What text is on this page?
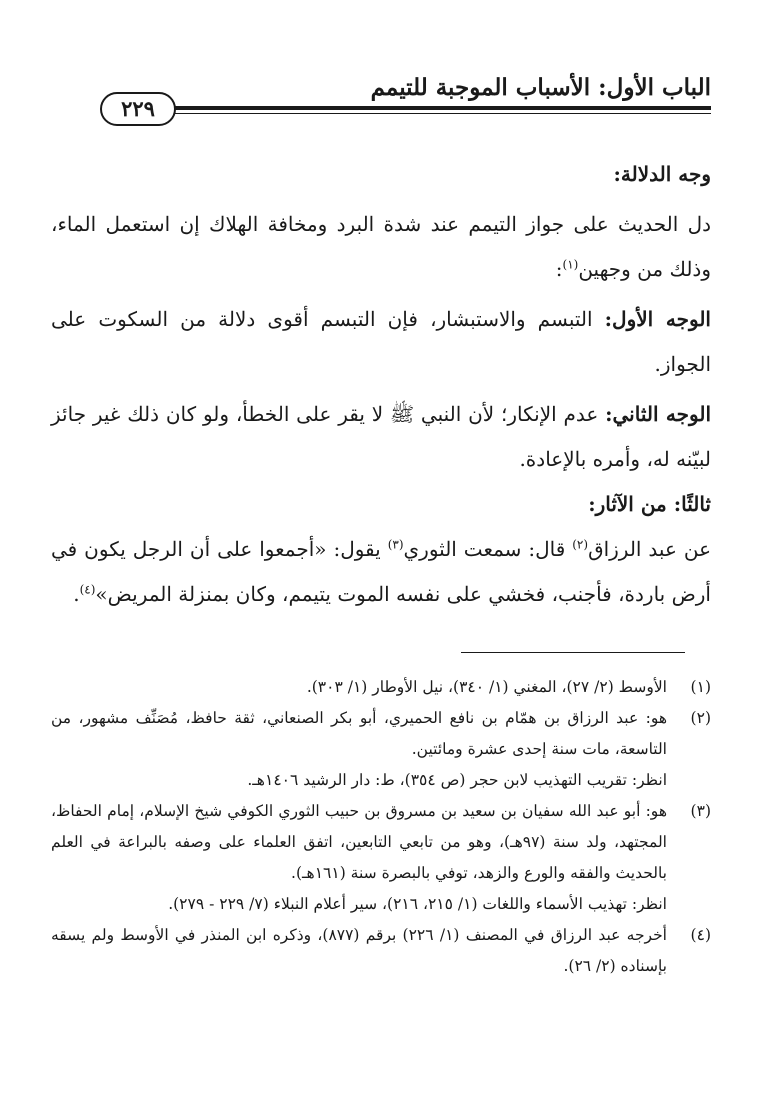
الباب الأول: الأسباب الموجبة للتيمم
٢٢٩

وجه الدلالة:

دل الحديث على جواز التيمم عند شدة البرد ومخافة الهلاك إن استعمل الماء، وذلك من وجهين$^{(١)}$:

الوجه الأول: التبسم والاستبشار، فإن التبسم أقوى دلالة من السكوت على الجواز.

الوجه الثاني: عدم الإنكار؛ لأن النبي ﷺ لا يقر على الخطأ، ولو كان ذلك غير جائز لبيّنه له، وأمره بالإعادة.

ثالثًا: من الآثار:

عن عبد الرزاق$^{(٢)}$ قال: سمعت الثوري$^{(٣)}$ يقول: «أجمعوا على أن الرجل يكون في أرض باردة، فأجنب، فخشي على نفسه الموت يتيمم، وكان بمنزلة المريض»$^{(٤)}$.

(١)
الأوسط (٢/ ٢٧)، المغني (١/ ٣٤٠)، نيل الأوطار (١/ ٣٠٣).

(٢)
هو: عبد الرزاق بن همّام بن نافع الحميري، أبو بكر الصنعاني، ثقة حافظ، مُصَنِّف مشهور، من التاسعة، مات سنة إحدى عشرة ومائتين.

انظر: تقريب التهذيب لابن حجر (ص ٣٥٤)، ط: دار الرشيد ١٤٠٦هـ.

(٣)
هو: أبو عبد الله سفيان بن سعيد بن مسروق بن حبيب الثوري الكوفي شيخ الإسلام، إمام الحفاظ، المجتهد، ولد سنة (٩٧هـ)، وهو من تابعي التابعين، اتفق العلماء على وصفه بالبراعة في العلم بالحديث والفقه والورع والزهد، توفي بالبصرة سنة (١٦١هـ).

انظر: تهذيب الأسماء واللغات (١/ ٢١٥، ٢١٦)، سير أعلام النبلاء (٧/ ٢٢٩ - ٢٧٩).

(٤)
أخرجه عبد الرزاق في المصنف (١/ ٢٢٦) برقم (٨٧٧)، وذكره ابن المنذر في الأوسط ولم يسقه بإسناده (٢/ ٢٦).
